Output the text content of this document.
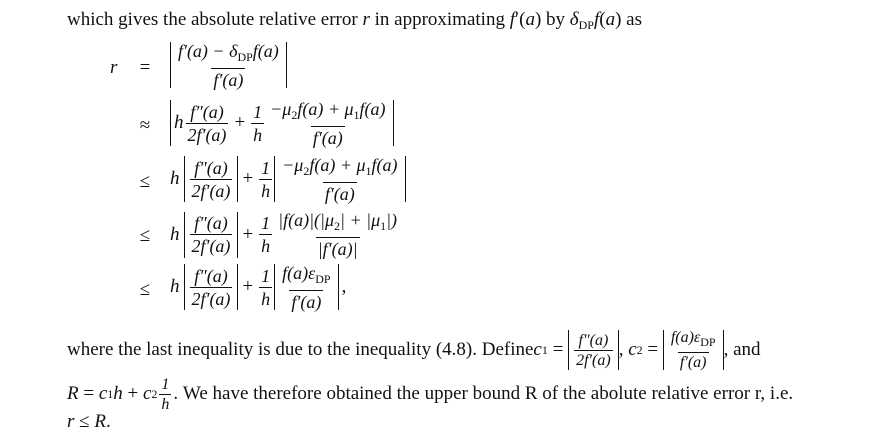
which gives the absolute relative error r in approximating f′(a) by $\delta_{DP}f(a)$ as
$r = \frac{f'(a) - \delta_{DP}f(a)}{f'(a)}$
≈ h $\frac{f''(a)}{2f'(a)} + \frac{1}{h} \frac{-\mu_2f(a) + \mu_1f(a)}{f'(a)}$
≤ h $\frac{f''(a)}{2f'(a)} + \frac{1}{h} \frac{-\mu_2f(a) + \mu_1f(a)}{f'(a)}$
≤ h $\frac{f''(a)}{2f'(a)} + \frac{1}{h} \frac{|f(a)|(|\mu_2| + |\mu_1|)}{|f'(a)|}$
≤ h $\frac{f''(a)}{2f'(a)} + \frac{1}{h} \frac{f(a)\varepsilon_{DP}}{f'(a)}$ ,
where the last inequality is due to the inequality (4.8). Define c $1 = \frac{f''(a)}{2f'(a)}$ , c $2 = \frac{f(a)\varepsilon_{DP}}{f'(a)}$ , and
R = c 1 h + c $2 \frac{1}{h}$ . We have therefore obtained the upper bound R of the abolute relative error r, i.e.
r ≤ R.
